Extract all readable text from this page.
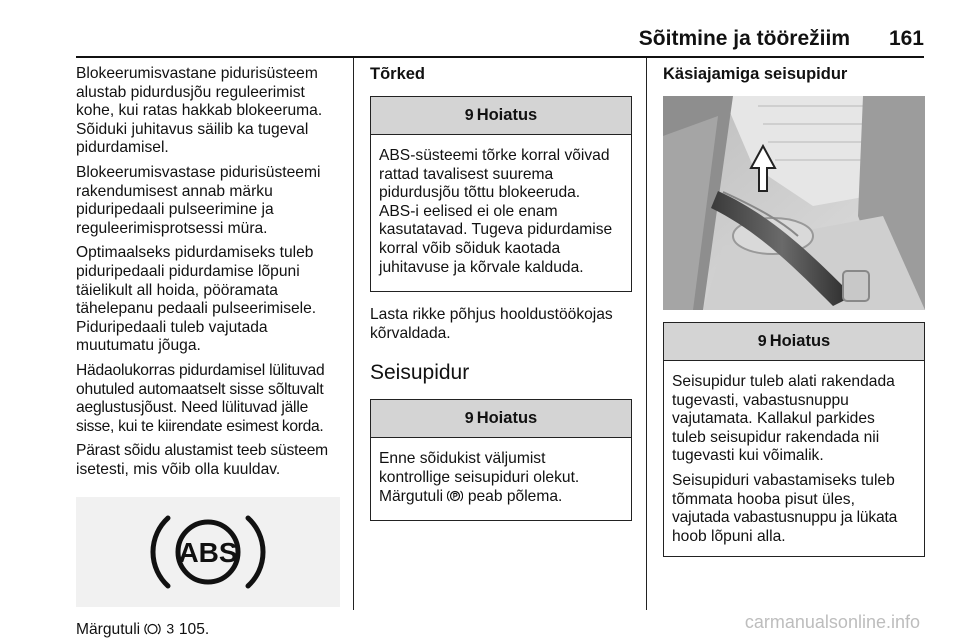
Sõitmine ja töörežiim 161
Blokeerumisvastane pidurisüsteem
alustab pidurdusjõu reguleerimist
kohe, kui ratas hakkab blokeeruma.
Sõiduki juhitavus säilib ka tugeval
pidurdamisel.
Blokeerumisvastase pidurisüsteemi
rakendumisest annab märku
piduripedaali pulseerimine ja
reguleerimisprotsessi müra.
Optimaalseks pidurdamiseks tuleb
piduripedaali pidurdamise lõpuni
täielikult all hoida, pööramata
tähelepanu pedaali pulseerimisele.
Piduripedaali tuleb vajutada
muutumatu jõuga.
Hädaolukorras pidurdamisel lülituvad
ohutuled automaatselt sisse sõltuvalt
aeglustusjõust. Need lülituvad jälle
sisse, kui te kiirendate esimest korda.
Pärast sõidu alustamist teeb süsteem
isetesti, mis võib olla kuuldav.
ABS
Märgutuli 3 105.
Tõrked
9 Hoiatus
ABS-süsteemi tõrke korral võivad
rattad tavalisest suurema
pidurdusjõu tõttu blokeeruda.
ABS-i eelised ei ole enam
kasutatavad. Tugeva pidurdamise
korral võib sõiduk kaotada
juhitavuse ja kõrvale kalduda.
Lasta rikke põhjus hooldustöökojas
kõrvaldada.
Seisupidur
9 Hoiatus
Enne sõidukist väljumist
kontrollige seisupiduri olekut.
Märgutuli peab põlema.
Käsiajamiga seisupidur
9 Hoiatus
Seisupidur tuleb alati rakendada
tugevasti, vabastusnuppu
vajutamata. Kallakul parkides
tuleb seisupidur rakendada nii
tugevasti kui võimalik.
Seisupiduri vabastamiseks tuleb
tõmmata hooba pisut üles,
vajutada vabastusnuppu ja lükata
hoob lõpuni alla.
carmanualsonline.info
